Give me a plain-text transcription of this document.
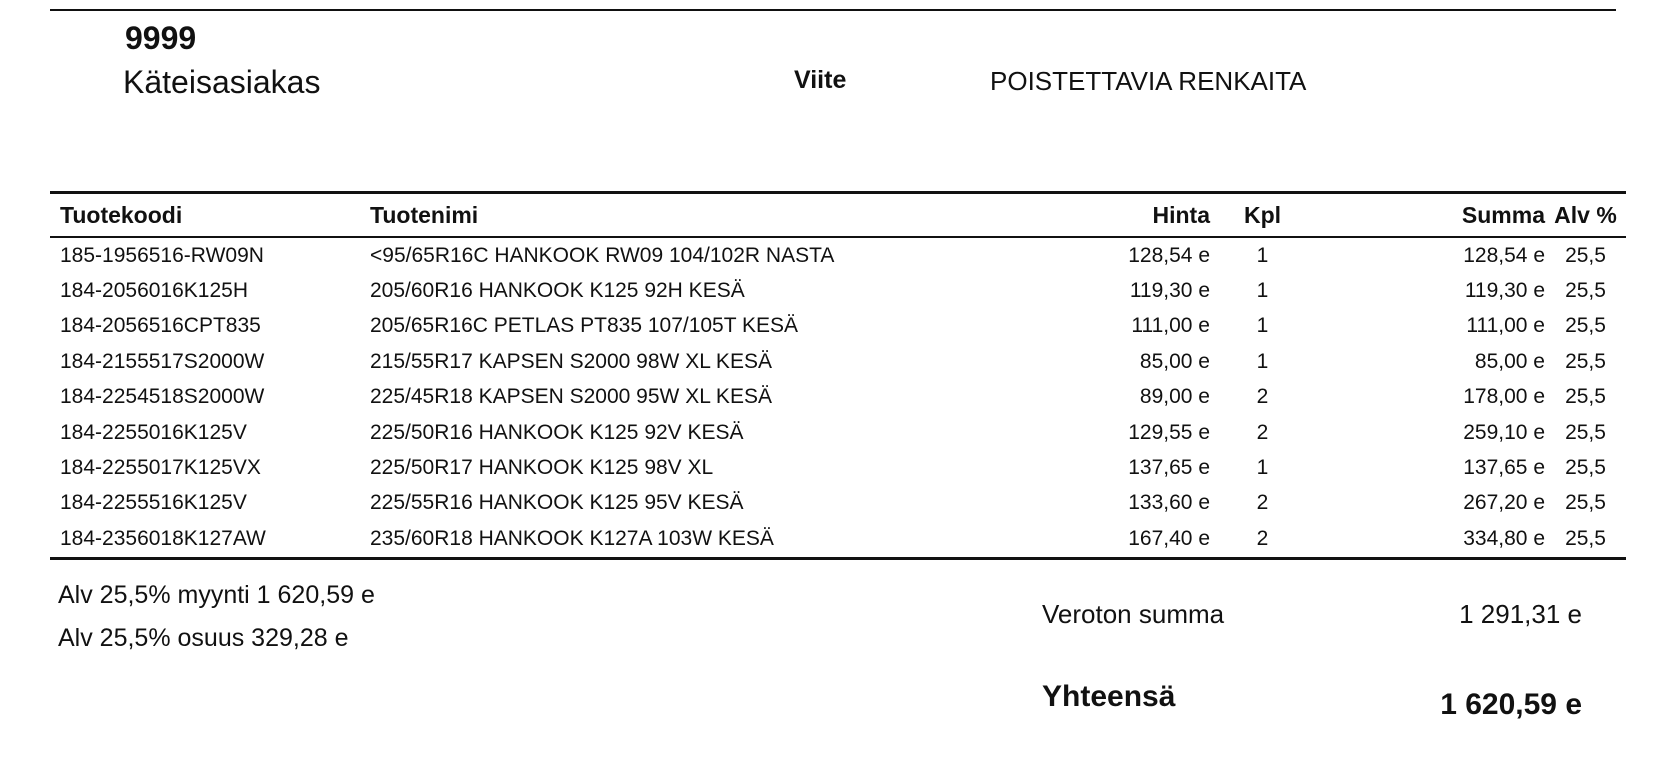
9999
Käteisasiakas	Viite	POISTETTAVIA RENKAITA
Tuotekoodi	Tuotenimi	Hinta	Kpl	Summa	Alv %
185-1956516-RW09N	<95/65R16C HANKOOK RW09 104/102R NASTA	128,54 e	1	128,54 e	25,5
184-2056016K125H	205/60R16 HANKOOK K125 92H KESÄ	119,30 e	1	119,30 e	25,5
184-2056516CPT835	205/65R16C PETLAS PT835 107/105T KESÄ	111,00 e	1	111,00 e	25,5
184-2155517S2000W	215/55R17 KAPSEN S2000 98W XL KESÄ	85,00 e	1	85,00 e	25,5
184-2254518S2000W	225/45R18 KAPSEN S2000 95W XL KESÄ	89,00 e	2	178,00 e	25,5
184-2255016K125V	225/50R16 HANKOOK K125 92V KESÄ	129,55 e	2	259,10 e	25,5
184-2255017K125VX	225/50R17 HANKOOK K125 98V XL	137,65 e	1	137,65 e	25,5
184-2255516K125V	225/55R16 HANKOOK K125 95V KESÄ	133,60 e	2	267,20 e	25,5
184-2356018K127AW	235/60R18 HANKOOK K127A 103W KESÄ	167,40 e	2	334,80 e	25,5
Alv 25,5% myynti 1 620,59 e
Alv 25,5% osuus 329,28 e
Veroton summa	1 291,31 e
Yhteensä	1 620,59 e
